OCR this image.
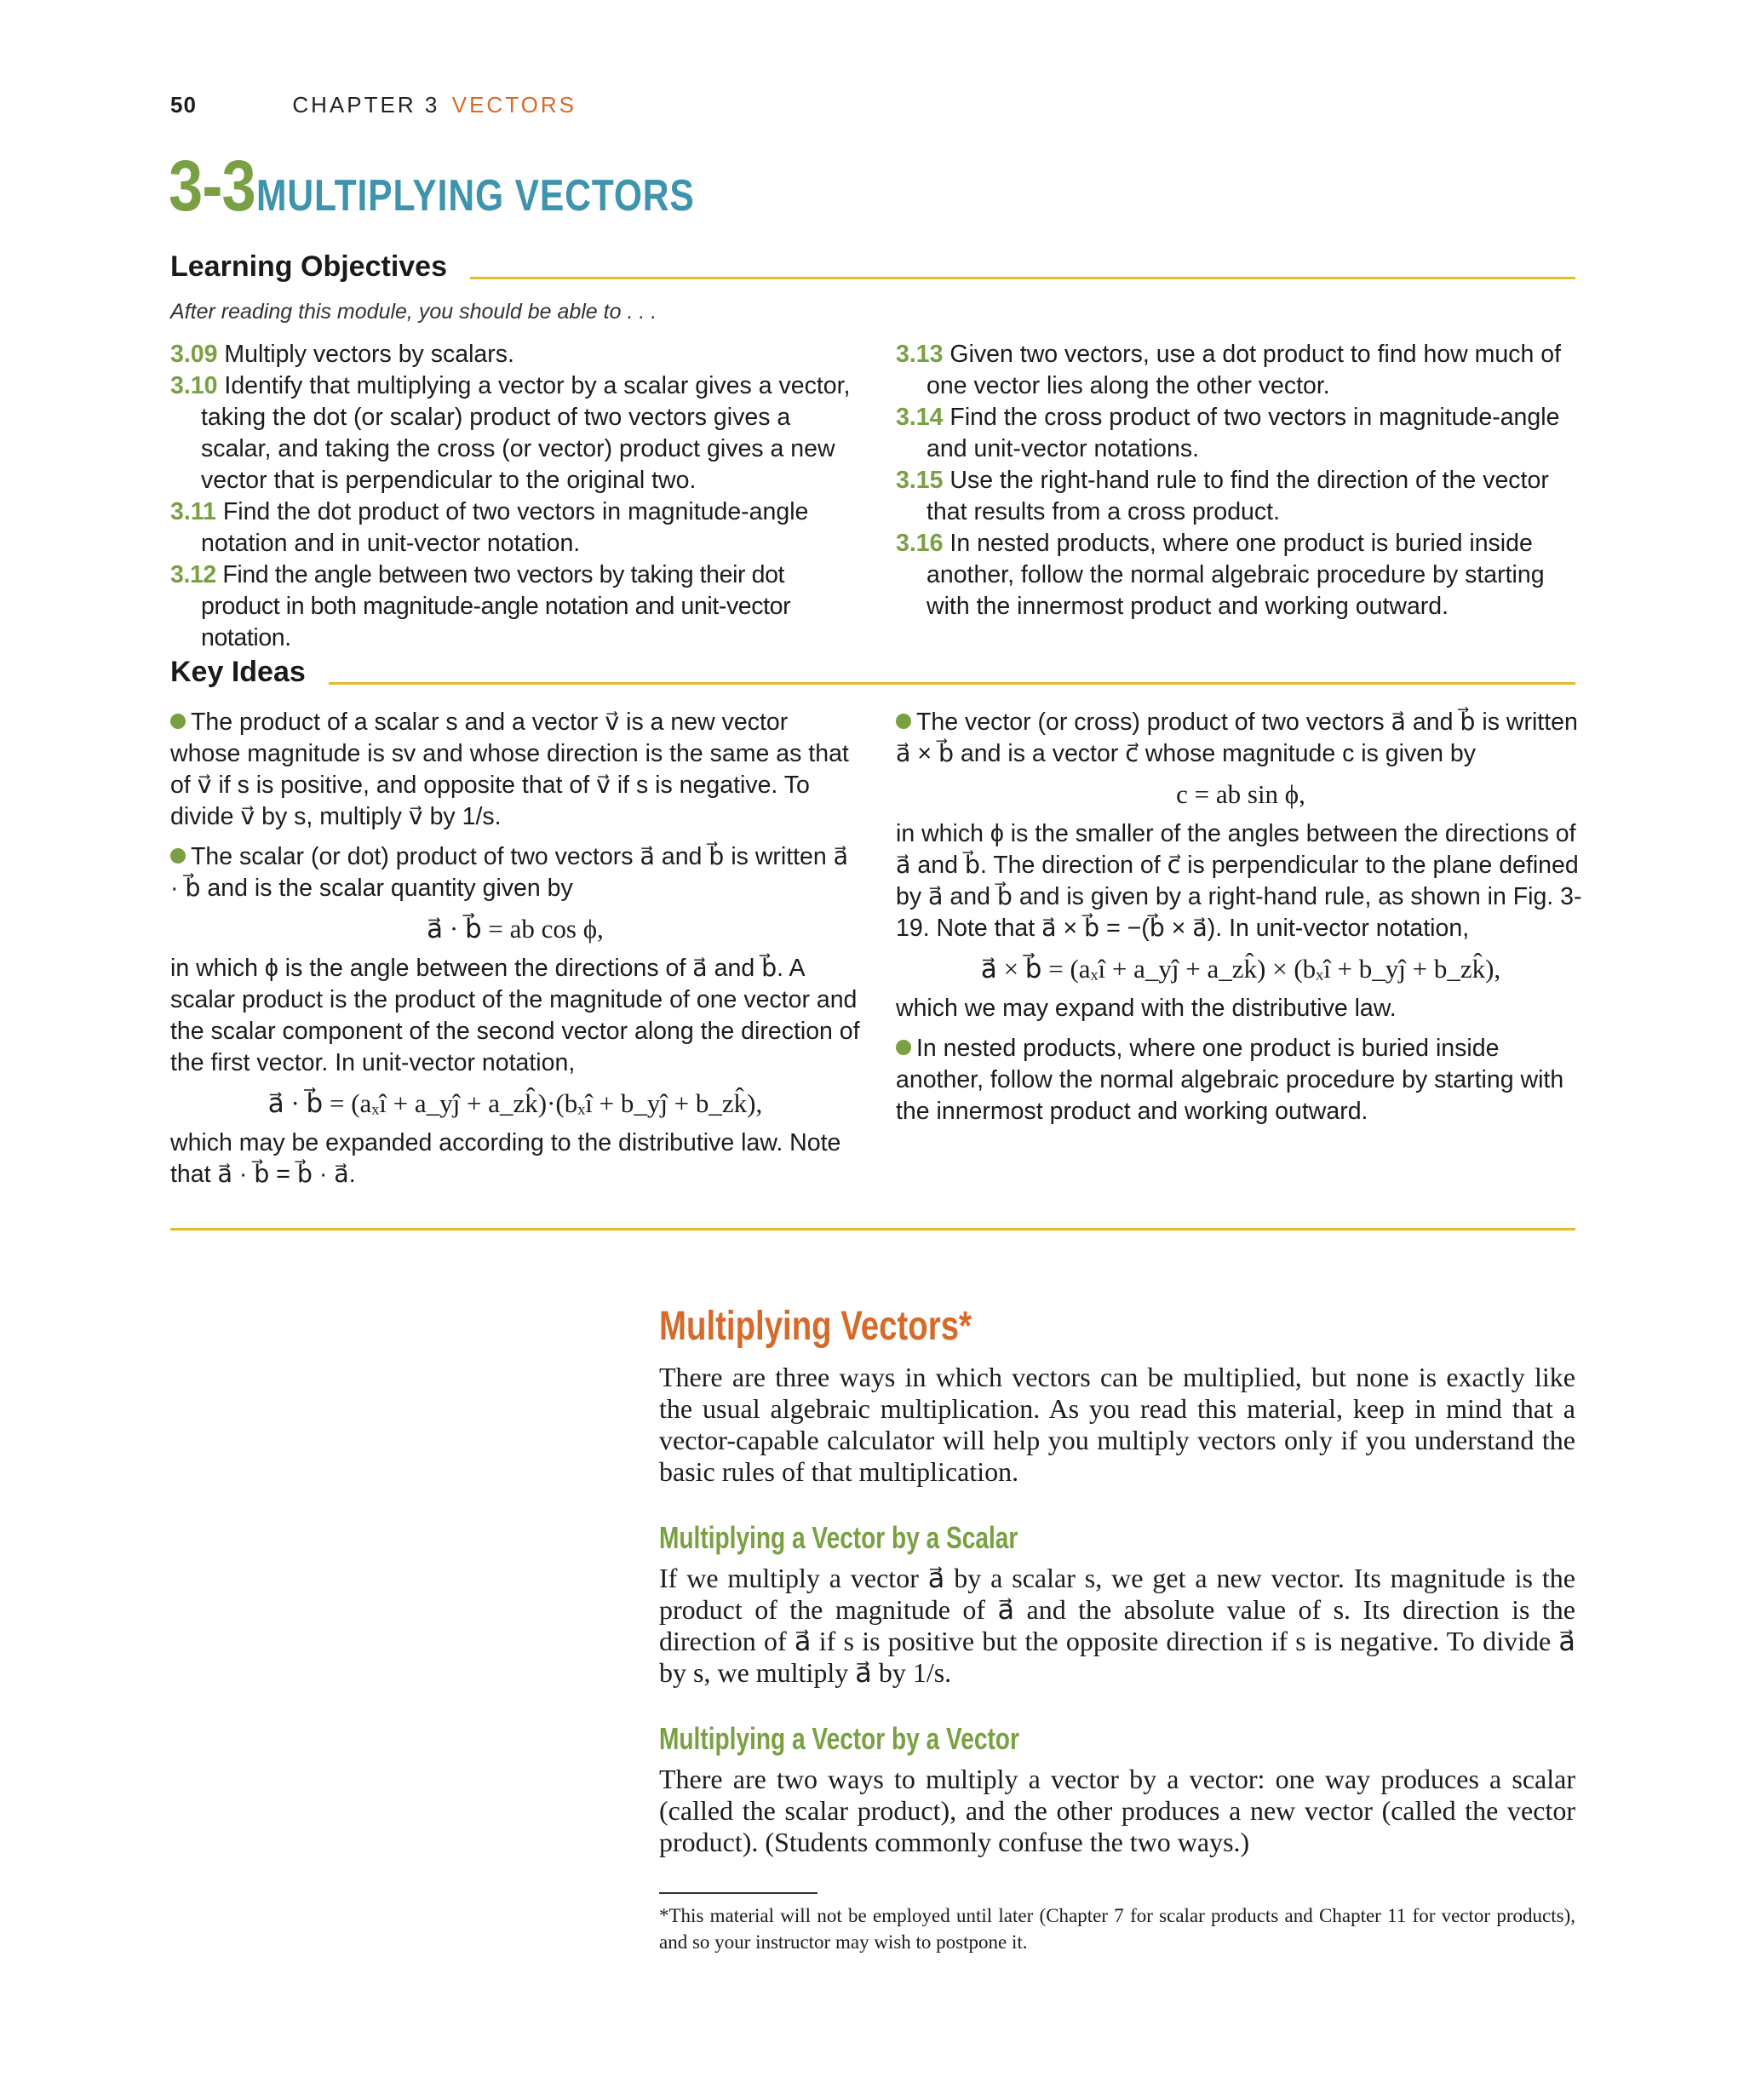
50	CHAPTER 3 VECTORS
3-3 MULTIPLYING VECTORS
Learning Objectives
After reading this module, you should be able to . . .

3.09 Multiply vectors by scalars.

3.10 Identify that multiplying a vector by a scalar gives a vector, taking the dot (or scalar) product of two vectors gives a scalar, and taking the cross (or vector) product gives a new vector that is perpendicular to the original two.

3.11 Find the dot product of two vectors in magnitude-angle notation and in unit-vector notation.

3.12 Find the angle between two vectors by taking their dot product in both magnitude-angle notation and unit-vector notation.

3.13 Given two vectors, use a dot product to find how much of one vector lies along the other vector.

3.14 Find the cross product of two vectors in magnitude-angle and unit-vector notations.

3.15 Use the right-hand rule to find the direction of the vector that results from a cross product.

3.16 In nested products, where one product is buried inside another, follow the normal algebraic procedure by starting with the innermost product and working outward.

Key Ideas

The product of a scalar s and a vector v⃗ is a new vector whose magnitude is sv and whose direction is the same as that of v⃗ if s is positive, and opposite that of v⃗ if s is negative. To divide v⃗ by s, multiply v⃗ by 1/s.

The scalar (or dot) product of two vectors a⃗ and b⃗ is written a⃗ · b⃗ and is the scalar quantity given by

a⃗ · b⃗ = ab cos ϕ,

in which ϕ is the angle between the directions of a⃗ and b⃗. A scalar product is the product of the magnitude of one vector and the scalar component of the second vector along the direction of the first vector. In unit-vector notation,

a⃗ · b⃗ = (aₓî + a_yĵ + a_zk̂)·(bₓî + b_yĵ + b_zk̂),

which may be expanded according to the distributive law. Note that a⃗ · b⃗ = b⃗ · a⃗.

The vector (or cross) product of two vectors a⃗ and b⃗ is written a⃗ × b⃗ and is a vector c⃗ whose magnitude c is given by

c = ab sin ϕ,

in which ϕ is the smaller of the angles between the directions of a⃗ and b⃗. The direction of c⃗ is perpendicular to the plane defined by a⃗ and b⃗ and is given by a right-hand rule, as shown in Fig. 3-19. Note that a⃗ × b⃗ = −(b⃗ × a⃗). In unit-vector notation,

a⃗ × b⃗ = (aₓî + a_yĵ + a_zk̂) × (bₓî + b_yĵ + b_zk̂),

which we may expand with the distributive law.

In nested products, where one product is buried inside another, follow the normal algebraic procedure by starting with the innermost product and working outward.

Multiplying Vectors*

There are three ways in which vectors can be multiplied, but none is exactly like the usual algebraic multiplication. As you read this material, keep in mind that a vector-capable calculator will help you multiply vectors only if you understand the basic rules of that multiplication.

Multiplying a Vector by a Scalar

If we multiply a vector a⃗ by a scalar s, we get a new vector. Its magnitude is the product of the magnitude of a⃗ and the absolute value of s. Its direction is the direction of a⃗ if s is positive but the opposite direction if s is negative. To divide a⃗ by s, we multiply a⃗ by 1/s.

Multiplying a Vector by a Vector

There are two ways to multiply a vector by a vector: one way produces a scalar (called the scalar product), and the other produces a new vector (called the vector product). (Students commonly confuse the two ways.)

*This material will not be employed until later (Chapter 7 for scalar products and Chapter 11 for vector products), and so your instructor may wish to postpone it.
